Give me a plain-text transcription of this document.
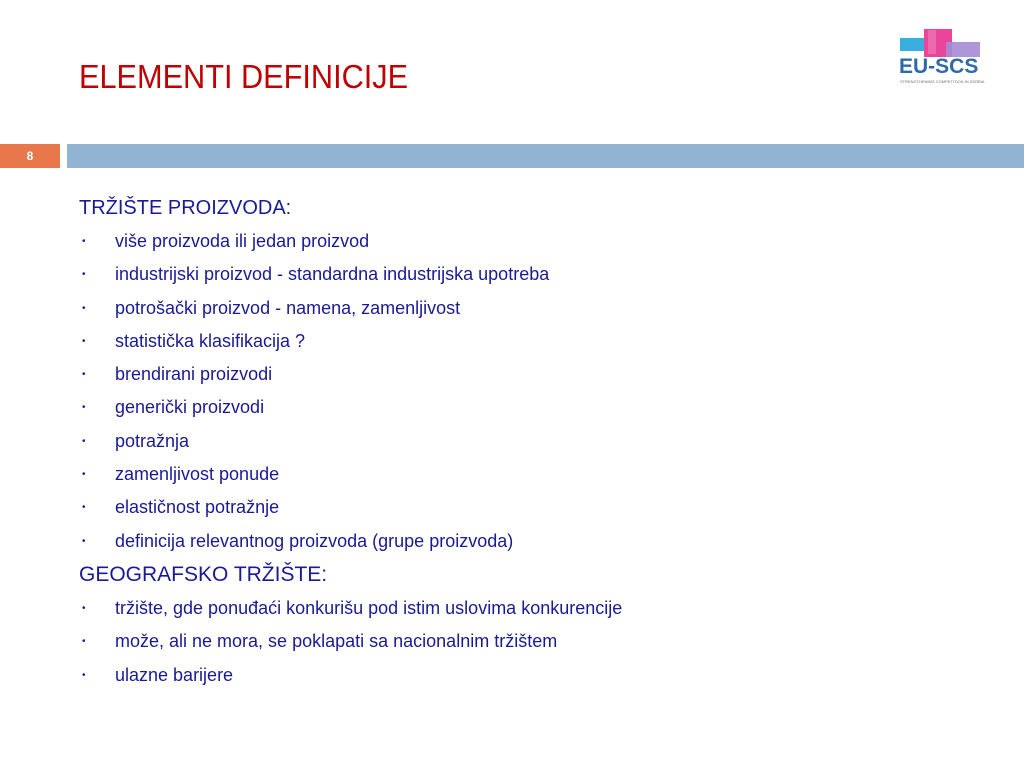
ELEMENTI DEFINICIJE	EU-SCS
STRENGTHENING COMPETITION IN SERBIA
8
TRŽIŠTE PROIZVODA:
• više proizvoda ili jedan proizvod
• industrijski proizvod - standardna industrijska upotreba
• potrošački proizvod - namena, zamenljivost
• statistička klasifikacija ?
• brendirani proizvodi
• generički proizvodi
• potražnja
• zamenljivost ponude
• elastičnost potražnje
• definicija relevantnog proizvoda (grupe proizvoda)
GEOGRAFSKO TRŽIŠTE:
• tržište, gde ponuđaći konkurišu pod istim uslovima konkurencije
• može, ali ne mora, se poklapati sa nacionalnim tržištem
• ulazne barijere
